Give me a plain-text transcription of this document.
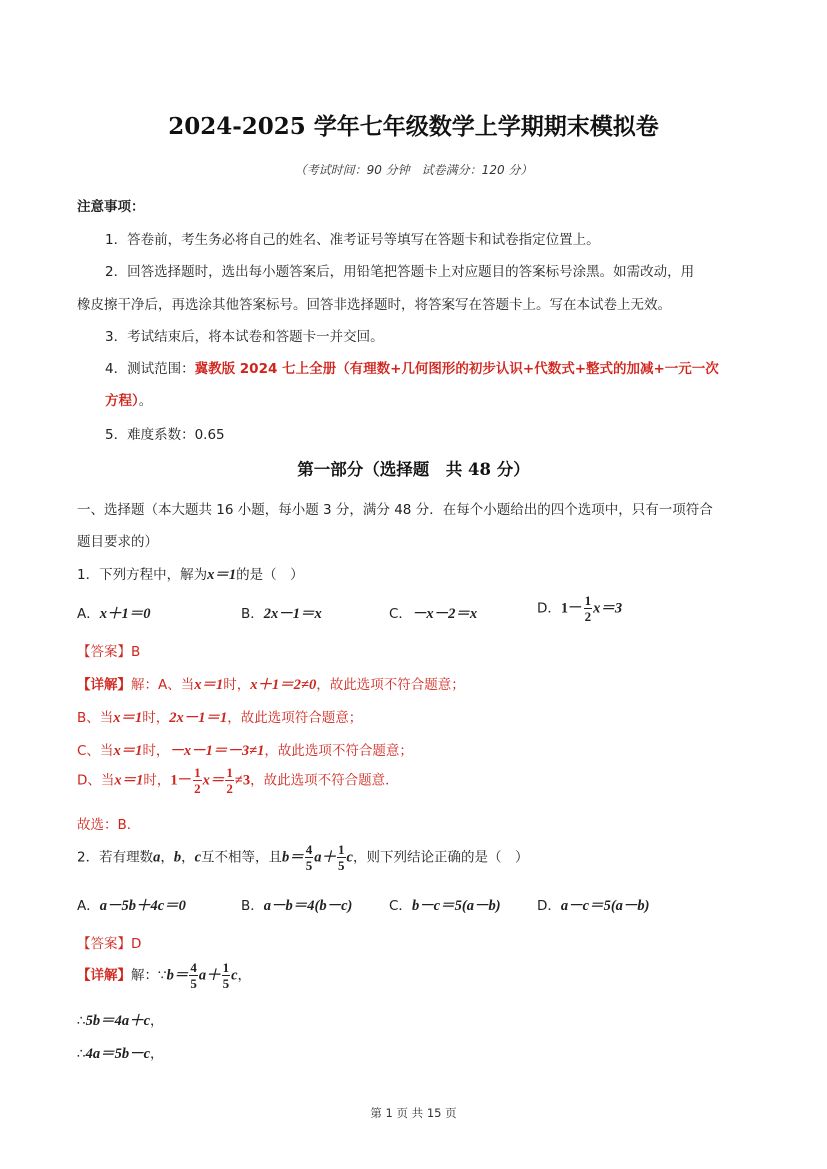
2024-2025 学年七年级数学上学期期末模拟卷
（考试时间：90 分钟　试卷满分：120 分）
注意事项：
1．答卷前，考生务必将自己的姓名、准考证号等填写在答题卡和试卷指定位置上。
2．回答选择题时，选出每小题答案后，用铅笔把答题卡上对应题目的答案标号涂黑。如需改动，用
橡皮擦干净后，再选涂其他答案标号。回答非选择题时，将答案写在答题卡上。写在本试卷上无效。
3．考试结束后，将本试卷和答题卡一并交回。
4．测试范围：冀教版 2024 七上全册（有理数+几何图形的初步认识+代数式+整式的加减+一元一次
方程）。
5．难度系数：0.65
第一部分（选择题　共 48 分）
一、选择题（本大题共 16 小题，每小题 3 分，满分 48 分．在每个小题给出的四个选项中，只有一项符合
题目要求的）
1．下列方程中，解为x＝1的是（　）
A．x＋1＝0	B．2x－1＝x	C．－x－2＝x	D．$1- \frac{1}{2} x=3$
【答案】B
【详解】解：A、当x＝1时，x＋1＝2≠0，故此选项不符合题意；
B、当x＝1时，2x－1＝1，故此选项符合题意；
C、当x＝1时，－x－1＝－3≠1，故此选项不符合题意；
D、当x＝1时，$1- \frac{1}{2} x= \frac{1}{2} \ne 3$，故此选项不符合题意．
故选：B．
2．若有理数a，b，c互不相等，且$b= \frac{4}{5} a+ \frac{1}{5}$ c，则下列结论正确的是（　）
A．a－5b＋4c＝0	B．a－b＝4(b－c)	C．b－c＝5(a－b)	D．a－c＝5(a－b)
【答案】D
【详解】解：∵b＝ $\frac{4}{5} a+ \frac{1}{5}$ c，
∴5b＝4a＋c，
∴4a＝5b－c，
第 1 页 共 15 页
